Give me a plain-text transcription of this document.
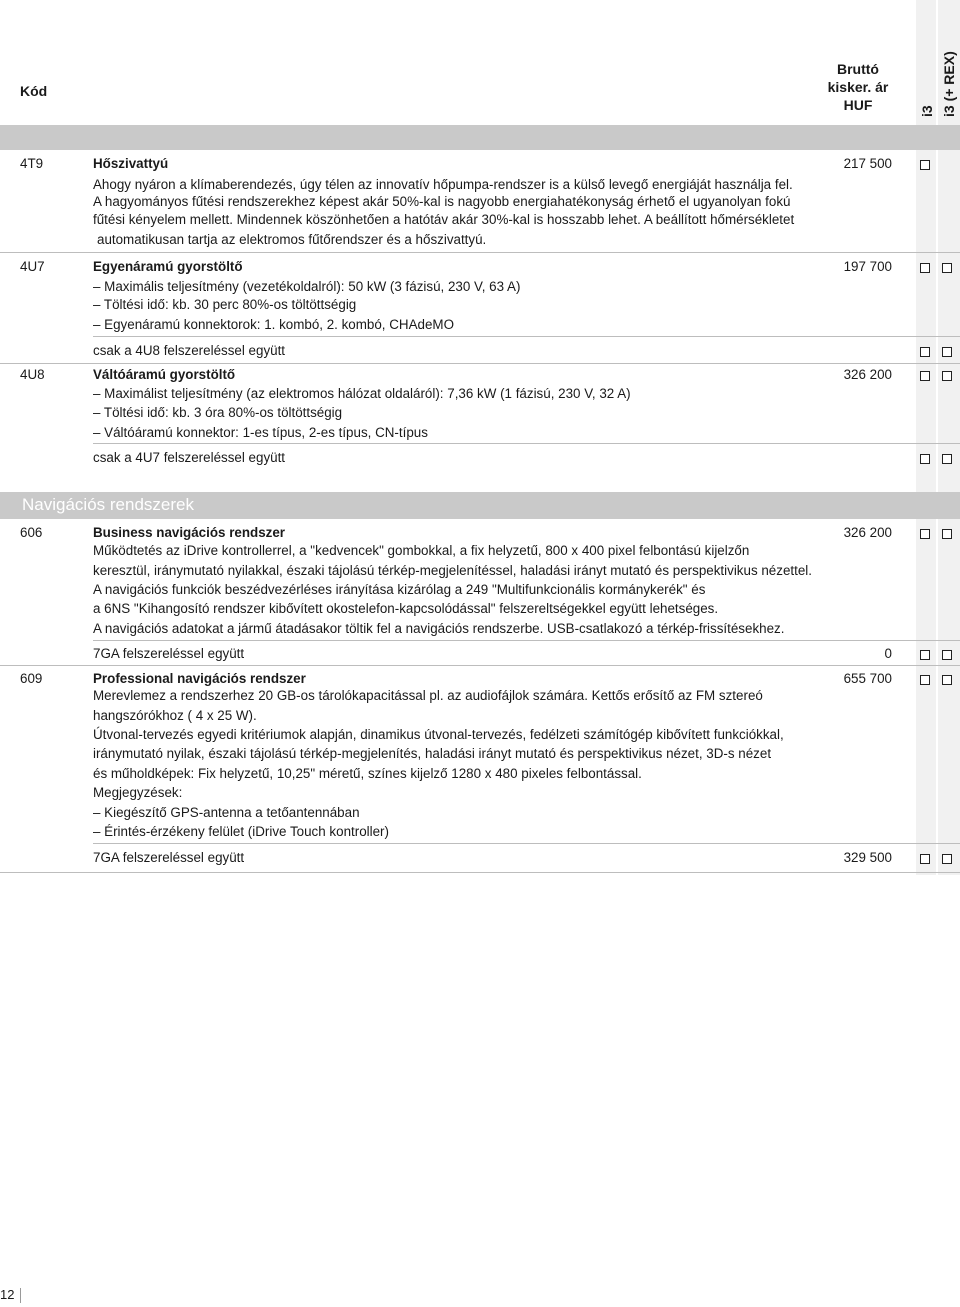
Kód
Bruttó
kisker. ár
HUF	i3 i3 (+ REX)
4T9	Hőszivattyú	217 500
Ahogy nyáron a klímaberendezés, úgy télen az innovatív hőpumpa-rendszer is a külső levegő energiáját használja fel.
A hagyományos fűtési rendszerekhez képest akár 50%-kal is nagyobb energiahatékonyság érhető el ugyanolyan fokú
fűtési kényelem mellett. Mindennek köszönhetően a hatótáv akár 30%-kal is hosszabb lehet. A beállított hőmérsékletet
automatikusan tartja az elektromos fűtőrendszer és a hőszivattyú.
4U7	Egyenáramú gyorstöltő	197 700
– Maximális teljesítmény (vezetékoldalról): 50 kW (3 fázisú, 230 V, 63 A)
– Töltési idő: kb. 30 perc 80%-os töltöttségig
– Egyenáramú konnektorok: 1. kombó, 2. kombó, CHAdeMO
csak a 4U8 felszereléssel együtt
4U8	Váltóáramú gyorstöltő	326 200
– Maximálist teljesítmény (az elektromos hálózat oldaláról): 7,36 kW (1 fázisú, 230 V, 32 A)
– Töltési idő: kb. 3 óra 80%-os töltöttségig
– Váltóáramú konnektor: 1-es típus, 2-es típus, CN-típus
csak a 4U7 felszereléssel együtt
Navigációs rendszerek
606	Business navigációs rendszer	326 200
Működtetés az iDrive kontrollerrel, a "kedvencek" gombokkal, a fix helyzetű, 800 x 400 pixel felbontású kijelzőn
keresztül, iránymutató nyilakkal, északi tájolású térkép-megjelenítéssel, haladási irányt mutató és perspektivikus nézettel.
A navigációs funkciók beszédvezérléses irányítása kizárólag a 249 "Multifunkcionális kormánykerék" és
a 6NS "Kihangosító rendszer kibővített okostelefon-kapcsolódással" felszereltségekkel együtt lehetséges.
A navigációs adatokat a jármű átadásakor töltik fel a navigációs rendszerbe. USB-csatlakozó a térkép-frissítésekhez.
7GA felszereléssel együtt	0
609	Professional navigációs rendszer	655 700
Merevlemez a rendszerhez 20 GB-os tárolókapacitással pl. az audiofájlok számára. Kettős erősítő az FM sztereó
hangszórókhoz ( 4 x 25 W).
Útvonal-tervezés egyedi kritériumok alapján, dinamikus útvonal-tervezés, fedélzeti számítógép kibővített funkciókkal,
iránymutató nyilak, északi tájolású térkép-megjelenítés, haladási irányt mutató és perspektivikus nézet, 3D-s nézet
és műholdképek: Fix helyzetű, 10,25" méretű, színes kijelző 1280 x 480 pixeles felbontással.
Megjegyzések:
– Kiegészítő GPS-antenna a tetőantennában
– Érintés-érzékeny felület (iDrive Touch kontroller)
7GA felszereléssel együtt	329 500
12
